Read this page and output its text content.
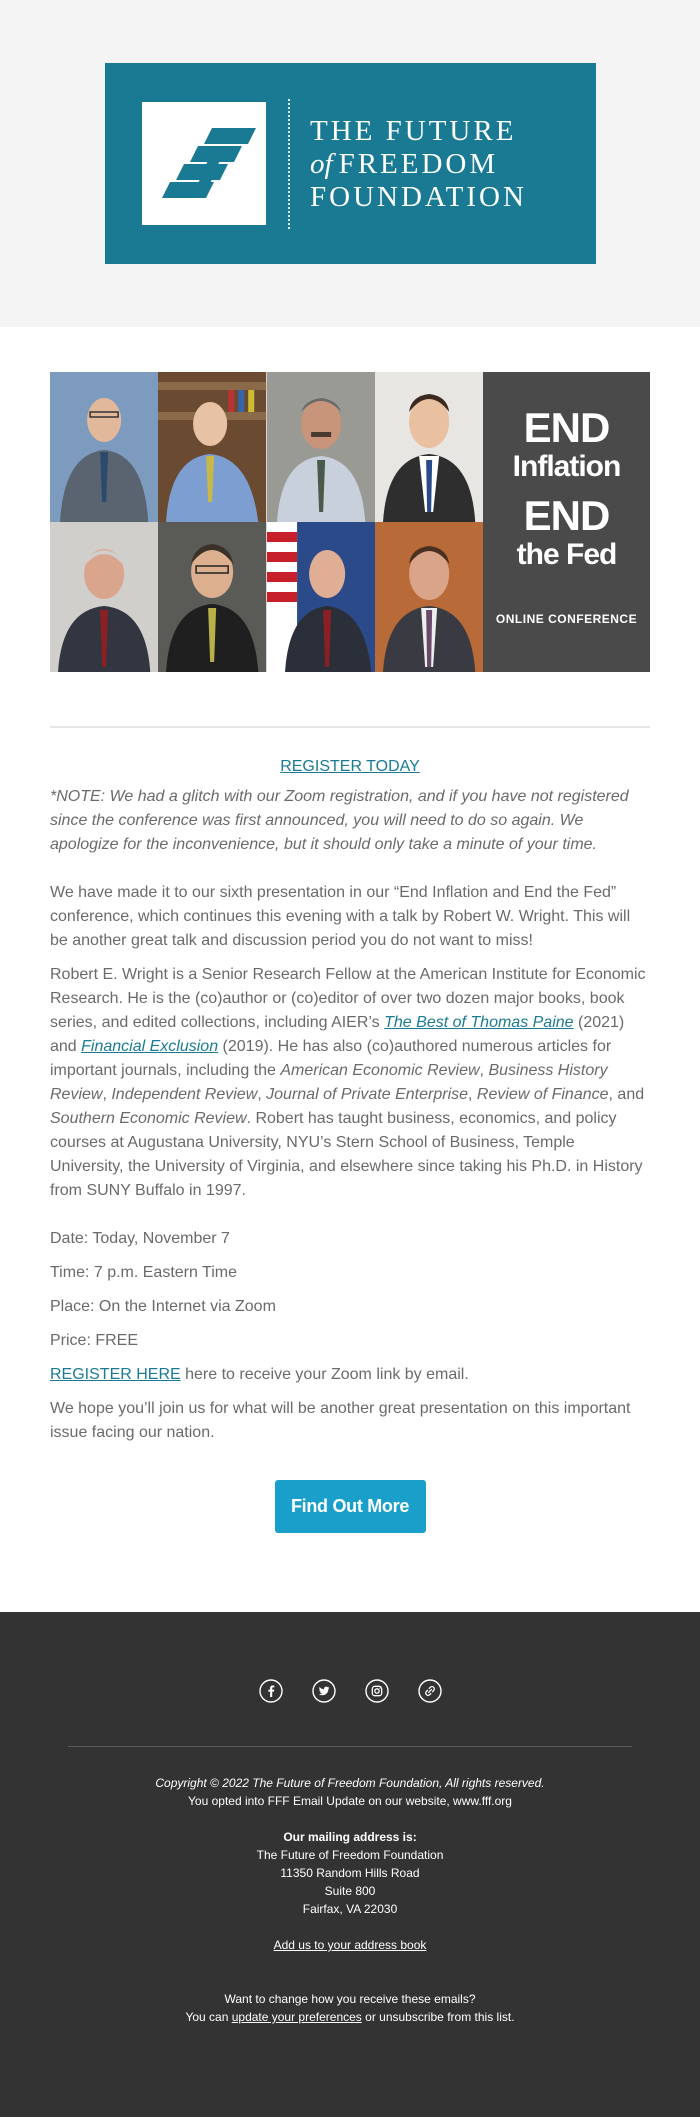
THE FUTURE
of FREEDOM
FOUNDATION
END
Inflation
END
the Fed
ONLINE CONFERENCE
REGISTER TODAY

*NOTE: We had a glitch with our Zoom registration, and if you have not registered since the conference was first announced, you will need to do so again. We apologize for the inconvenience, but it should only take a minute of your time.

We have made it to our sixth presentation in our “End Inflation and End the Fed” conference, which continues this evening with a talk by Robert W. Wright. This will be another great talk and discussion period you do not want to miss!

Robert E. Wright is a Senior Research Fellow at the American Institute for Economic Research. He is the (co)author or (co)editor of over two dozen major books, book series, and edited collections, including AIER’s The Best of Thomas Paine (2021) and Financial Exclusion (2019). He has also (co)authored numerous articles for important journals, including the American Economic Review, Business History Review, Independent Review, Journal of Private Enterprise, Review of Finance, and Southern Economic Review. Robert has taught business, economics, and policy courses at Augustana University, NYU’s Stern School of Business, Temple University, the University of Virginia, and elsewhere since taking his Ph.D. in History from SUNY Buffalo in 1997.

Date: Today, November 7

Time: 7 p.m. Eastern Time

Place: On the Internet via Zoom

Price: FREE

REGISTER HERE here to receive your Zoom link by email.

We hope you’ll join us for what will be another great presentation on this important issue facing our nation.

Find Out More
Copyright © 2022 The Future of Freedom Foundation, All rights reserved.
You opted into FFF Email Update on our website, www.fff.org
Our mailing address is:
The Future of Freedom Foundation
11350 Random Hills Road
Suite 800
Fairfax, VA 22030
Add us to your address book
Want to change how you receive these emails?
You can update your preferences or unsubscribe from this list.
